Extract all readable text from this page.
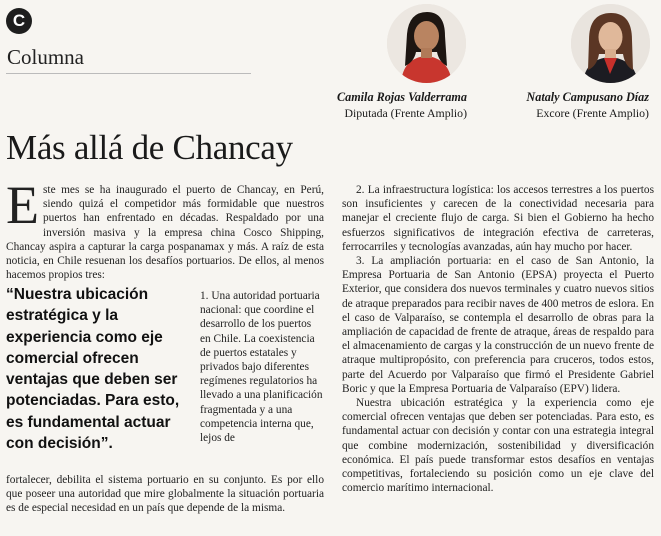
C
Columna
Camila Rojas Valderrama
Diputada (Frente Amplio)
Nataly Campusano Díaz
Excore (Frente Amplio)
Más allá de Chancay
Este mes se ha inaugurado el puerto de Chancay, en Perú, siendo quizá el competidor más formidable que nuestros puertos han enfrentado en décadas. Respaldado por una inversión masiva y la empresa china Cosco Shipping, Chancay aspira a capturar la carga pospanamax y más. A raíz de esta noticia, en Chile resuenan los desafíos portuarios. De ellos, al menos hacemos propios tres:
“Nuestra ubicación estratégica y la experiencia como eje comercial ofrecen ventajas que deben ser potenciadas. Para esto, es fundamental actuar con decisión”.
1. Una autoridad portuaria nacional: que coordine el desarrollo de los puertos en Chile. La coexistencia de puertos estatales y privados bajo diferentes regímenes regulatorios ha llevado a una planificación fragmentada y a una competencia interna que, lejos de
fortalecer, debilita el sistema portuario en su conjunto. Es por ello que poseer una autoridad que mire globalmente la situación portuaria es de especial necesidad en un país que depende de la misma.

2. La infraestructura logística: los accesos terrestres a los puertos son insuficientes y carecen de la conectividad necesaria para manejar el creciente flujo de carga. Si bien el Gobierno ha hecho esfuerzos significativos de integración efectiva de carreteras, ferrocarriles y tecnologías avanzadas, aún hay mucho por hacer.

3. La ampliación portuaria: en el caso de San Antonio, la Empresa Portuaria de San Antonio (EPSA) proyecta el Puerto Exterior, que considera dos nuevos terminales y cuatro nuevos sitios de atraque preparados para recibir naves de 400 metros de eslora. En el caso de Valparaíso, se contempla el desarrollo de obras para la ampliación de capacidad de frente de atraque, áreas de respaldo para el almacenamiento de cargas y la construcción de un nuevo frente de atraque multipropósito, con preferencia para cruceros, todos estos, parte del Acuerdo por Valparaíso que firmó el Presidente Gabriel Boric y que la Empresa Portuaria de Valparaíso (EPV) lidera.

Nuestra ubicación estratégica y la experiencia como eje comercial ofrecen ventajas que deben ser potenciadas. Para esto, es fundamental actuar con decisión y contar con una estrategia integral que combine modernización, sostenibilidad y diversificación económica. El país puede transformar estos desafíos en ventajas competitivas, fortaleciendo su posición como un eje clave del comercio marítimo internacional.
